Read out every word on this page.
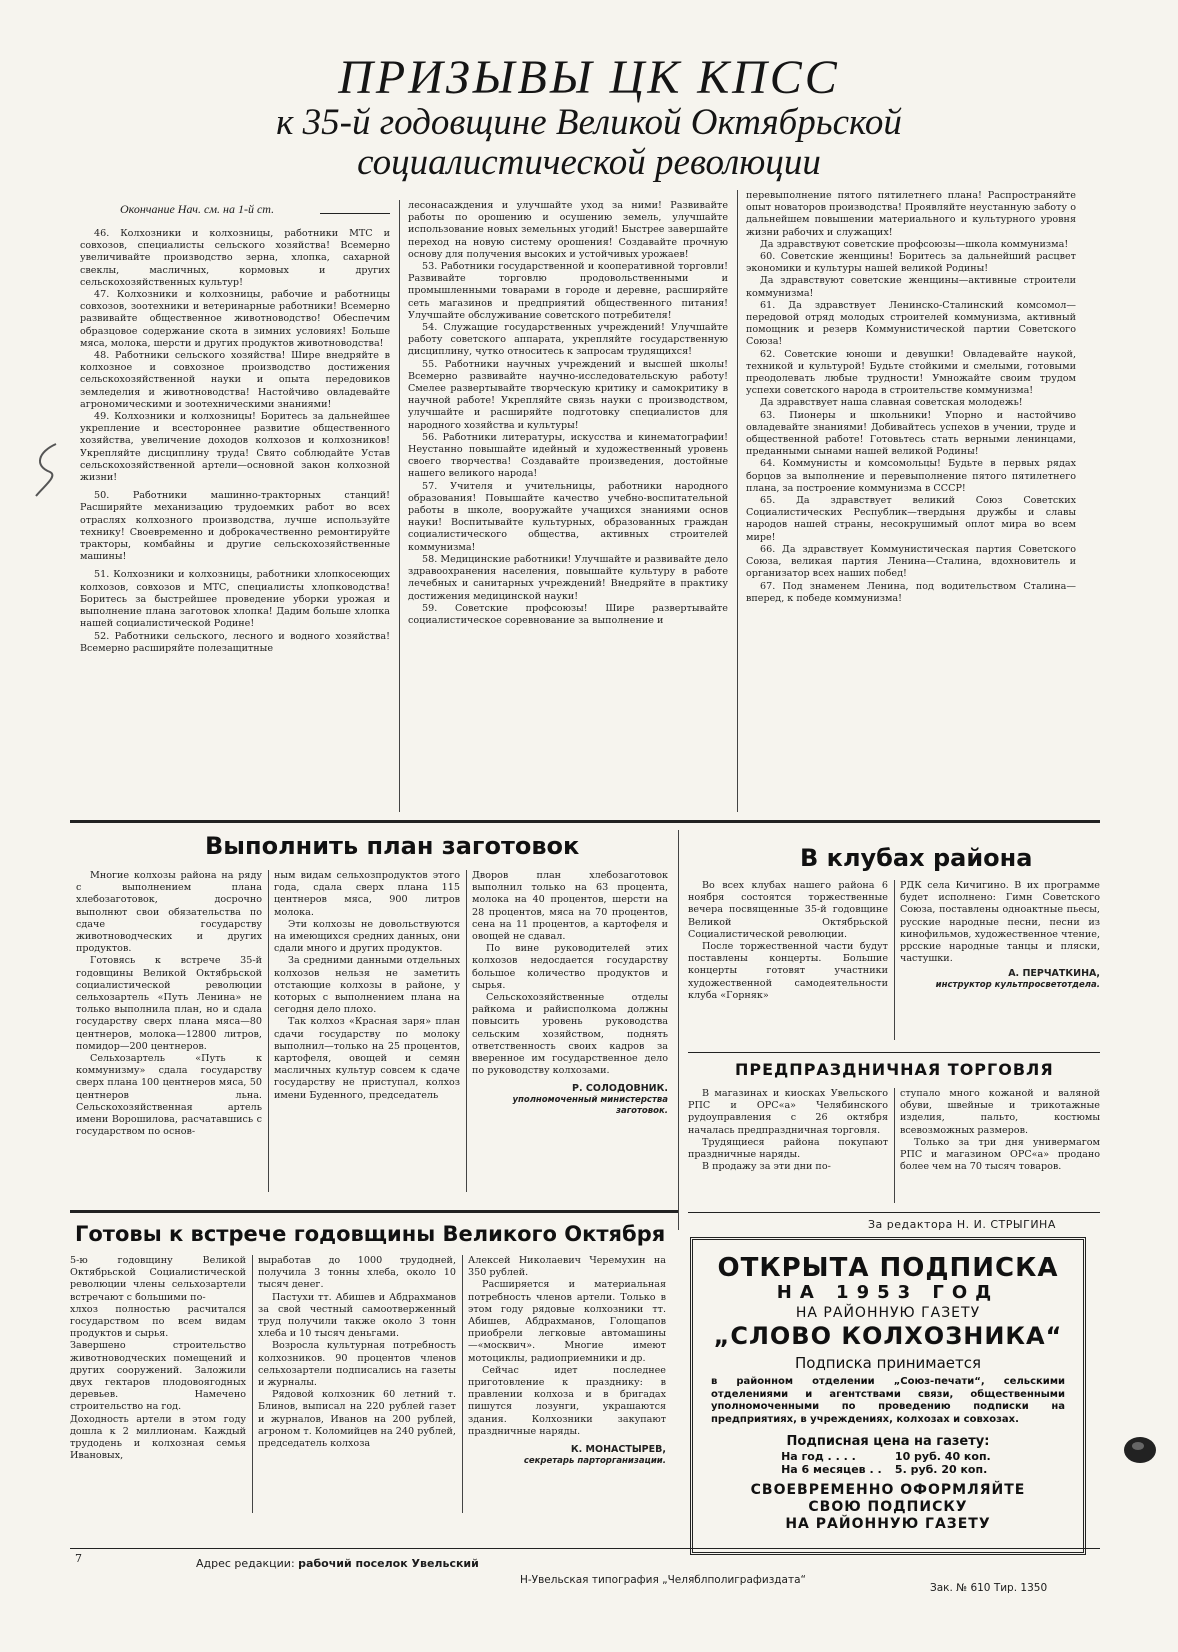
ПРИЗЫВЫ ЦК КПСС
к 35-й годовщине Великой Октябрьской
социалистической революции
Окончание Нач. см. на 1-й ст.

46. Колхозники и колхозницы, работники МТС и совхозов, специалисты сельского хозяйства! Всемерно увеличивайте производство зерна, хлопка, сахарной свеклы, масличных, кормовых и других сельскохозяйственных культур!

47. Колхозники и колхозницы, рабочие и работницы совхозов, зоотехники и ветеринарные работники! Всемерно развивайте общественное животноводство! Обеспечим образцовое содержание скота в зимних условиях! Больше мяса, молока, шерсти и других продуктов животноводства!

48. Работники сельского хозяйства! Шире внедряйте в колхозное и совхозное производство достижения сельскохозяйственной науки и опыта передовиков земледелия и животноводства! Настойчиво овладевайте агрономическими и зоотехническими знаниями!

49. Колхозники и колхозницы! Боритесь за дальнейшее укрепление и всестороннее развитие общественного хозяйства, увеличение доходов колхозов и колхозников! Укрепляйте дисциплину труда! Свято соблюдайте Устав сельскохозяйственной артели—основной закон колхозной жизни!

50. Работники машинно-тракторных станций! Расширяйте механизацию трудоемких работ во всех отраслях колхозного производства, лучше используйте технику! Своевременно и доброкачественно ремонтируйте тракторы, комбайны и другие сельскохозяйственные машины!

51. Колхозники и колхозницы, работники хлопкосеющих колхозов, совхозов и МТС, специалисты хлопководства! Боритесь за быстрейшее проведение уборки урожая и выполнение плана заготовок хлопка! Дадим больше хлопка нашей социалистической Родине!

52. Работники сельского, лесного и водного хозяйства! Всемерно расширяйте полезащитные

лесонасаждения и улучшайте уход за ними! Развивайте работы по орошению и осушению земель, улучшайте использование новых земельных угодий! Быстрее завершайте переход на новую систему орошения! Создавайте прочную основу для получения высоких и устойчивых урожаев!

53. Работники государственной и кооперативной торговли! Развивайте торговлю продовольственными и промышленными товарами в городе и деревне, расширяйте сеть магазинов и предприятий общественного питания! Улучшайте обслуживание советского потребителя!

54. Служащие государственных учреждений! Улучшайте работу советского аппарата, укрепляйте государственную дисциплину, чутко относитесь к запросам трудящихся!

55. Работники научных учреждений и высшей школы! Всемерно развивайте научно-исследовательскую работу! Смелее развертывайте творческую критику и самокритику в научной работе! Укрепляйте связь науки с производством, улучшайте и расширяйте подготовку специалистов для народного хозяйства и культуры!

56. Работники литературы, искусства и кинематографии! Неустанно повышайте идейный и художественный уровень своего творчества! Создавайте произведения, достойные нашего великого народа!

57. Учителя и учительницы, работники народного образования! Повышайте качество учебно-воспитательной работы в школе, вооружайте учащихся знаниями основ науки! Воспитывайте культурных, образованных граждан социалистического общества, активных строителей коммунизма!

58. Медицинские работники! Улучшайте и развивайте дело здравоохранения населения, повышайте культуру в работе лечебных и санитарных учреждений! Внедряйте в практику достижения медицинской науки!

59. Советские профсоюзы! Шире развертывайте социалистическое соревнование за выполнение и

перевыполнение пятого пятилетнего плана! Распространяйте опыт новаторов производства! Проявляйте неустанную заботу о дальнейшем повышении материального и культурного уровня жизни рабочих и служащих!

Да здравствуют советские профсоюзы—школа коммунизма!

60. Советские женщины! Боритесь за дальнейший расцвет экономики и культуры нашей великой Родины!

Да здравствуют советские женщины—активные строители коммунизма!

61. Да здравствует Ленинско-Сталинский комсомол—передовой отряд молодых строителей коммунизма, активный помощник и резерв Коммунистической партии Советского Союза!

62. Советские юноши и девушки! Овладевайте наукой, техникой и культурой! Будьте стойкими и смелыми, готовыми преодолевать любые трудности! Умножайте своим трудом успехи советского народа в строительстве коммунизма!

Да здравствует наша славная советская молодежь!

63. Пионеры и школьники! Упорно и настойчиво овладевайте знаниями! Добивайтесь успехов в учении, труде и общественной работе! Готовьтесь стать верными ленинцами, преданными сынами нашей великой Родины!

64. Коммунисты и комсомольцы! Будьте в первых рядах борцов за выполнение и перевыполнение пятого пятилетнего плана, за построение коммунизма в СССР!

65. Да здравствует великий Союз Советских Социалистических Республик—твердыня дружбы и славы народов нашей страны, несокрушимый оплот мира во всем мире!

66. Да здравствует Коммунистическая партия Советского Союза, великая партия Ленина—Сталина, вдохновитель и организатор всех наших побед!

67. Под знаменем Ленина, под водительством Сталина—вперед, к победе коммунизма!

Выполнить план заготовок

Многие колхозы района на ряду с выполнением плана хлебозаготовок, досрочно выполнют свои обязательства по сдаче государству животноводческих и других продуктов.

Готовясь к встрече 35-й годовщины Великой Октябрьской социалистической революции сельхозартель «Путь Ленина» не только выполнила план, но и сдала государству сверх плана мяса—80 центнеров, молока—12800 литров, помидор—200 центнеров.

Сельхозартель «Путь к коммунизму» сдала государству сверх плана 100 центнеров мяса, 50 центнеров льна. Сельскохозяйственная артель имени Ворошилова, расчатавшись с государством по основ-

ным видам сельхозпродуктов этого года, сдала сверх плана 115 центнеров мяса, 900 литров молока.

Эти колхозы не довольствуются на имеющихся средних данных, они сдали много и других продуктов.

За средними данными отдельных колхозов нельзя не заметить отстающие колхозы в районе, у которых с выполнением плана на сегодня дело плохо.

Так колхоз «Красная заря» план сдачи государству по молоку выполнил—только на 25 процентов, картофеля, овощей и семян масличных культур совсем к сдаче государству не приступал, колхоз имени Буденного, председатель

Дворов план хлебозаготовок выполнил только на 63 процента, молока на 40 процентов, шерсти на 28 процентов, мяса на 70 процентов, сена на 11 процентов, а картофеля и овощей не сдавал.

По вине руководителей этих колхозов недосдается государству большое количество продуктов и сырья.

Сельскохозяйственные отделы райкома и райисполкома должны повысить уровень руководства сельским хозяйством, поднять ответственность своих кадров за вверенное им государственное дело по руководству колхозами.

Р. СОЛОДОВНИК.
уполномоченный министерства заготовок.
В клубах района

Во всех клубах нашего района 6 ноября состоятся торжественные вечера посвященные 35-й годовщине Великой Октябрьской Социалистической революции.

После торжественной части будут поставлены концерты. Большие концерты готовят участники художественной самодеятельности клуба «Горняк»

РДК села Кичигино. В их программе будет исполнено: Гимн Советского Союза, поставлены одноактные пьесы, русские народные песни, песни из кинофильмов, художественное чтение, рpсские народные танцы и пляски, частушки.

А. ПЕРЧАТКИНА,
инструктор культпросветотдела.
ПРЕДПРАЗДНИЧНАЯ ТОРГОВЛЯ

В магазинах и киосках Увельского РПС и ОРС«а» Челябинского рудоуправления с 26 октября началась предпраздничная торговля.

Трудящиеся района покупают праздничные наряды.

В продажу за эти дни по-

ступало много кожаной и валяной обуви, швейные и трикотажные изделия, пальто, костюмы всевозможных размеров.

Только за три дня универмагом РПС и магазином ОРС«а» продано более чем на 70 тысяч товаров.

За редактора Н. И. СТРЫГИНА
Готовы к встрече годовщины Великого Октября

5-ю годовщину Великой Октябрьской Социалистической революции члены сельхозартели встречают с большими по-

хлхоз полностью расчитался государством по всем видам продуктов и сырья.

Завершено строительство животноводческих помещений и других сооружений. Заложили двух гектаров плодовоягодных деревьев. Намечено строительство на год.

Доходность артели в этом году дошла к 2 миллионам. Каждый трудодень и колхозная семья Ивановых,

выработав до 1000 трудодней, получила 3 тонны хлеба, около 10 тысяч денег.

Пастухи тт. Абишев и Абдрахманов за свой честный самоотверженный труд получили также около 3 тонн хлеба и 10 тысяч деньгами.

Возросла культурная потребность колхозников. 90 процентов членов сельхозартели подписались на газеты и журналы.

Рядовой колхозник 60 летний т. Блинов, выписал на 220 рублей газет и журналов, Иванов на 200 рублей, агроном т. Коломийцев на 240 рублей, председатель колхоза

Алексей Николаевич Черемухин на 350 рублей.

Расширяется и материальная потребность членов артели. Только в этом году рядовые колхозники тт. Абишев, Абдрахманов, Голощапов приобрели легковые автомашины—«москвич». Многие имеют мотоциклы, радиоприемники и др.

Сейчас идет последнее приготовление к празднику: в правлении колхоза и в бригадах пишутся лозунги, украшаются здания. Колхозники закупают праздничные наряды.

К. МОНАСТЫРЕВ,
секретарь парторганизации.
ОТКРЫТА ПОДПИСКА
НА 1953 ГОД
НА РАЙОННУЮ ГАЗЕТУ
„СЛОВО КОЛХОЗНИКА“
Подписка принимается
в районном отделении „Союз-печати“, сельскими отделениями и агентствами связи, общественными уполномоченными по проведению подписки на предприятиях, в учреждениях, колхозах и совхозах.
Подписная цена на газету:
На год . . . .	10 руб. 40 коп.
На 6 месяцев . . 5. руб. 20 коп.
СВОЕВРЕМЕННО ОФОРМЛЯЙТЕ
СВОЮ ПОДПИСКУ
НА РАЙОННУЮ ГАЗЕТУ
7	Адрес редакции: рабочий поселок Увельский
Н-Увельская типография „Челяблполиграфиздата“
Зак. № 610 Тир. 1350
